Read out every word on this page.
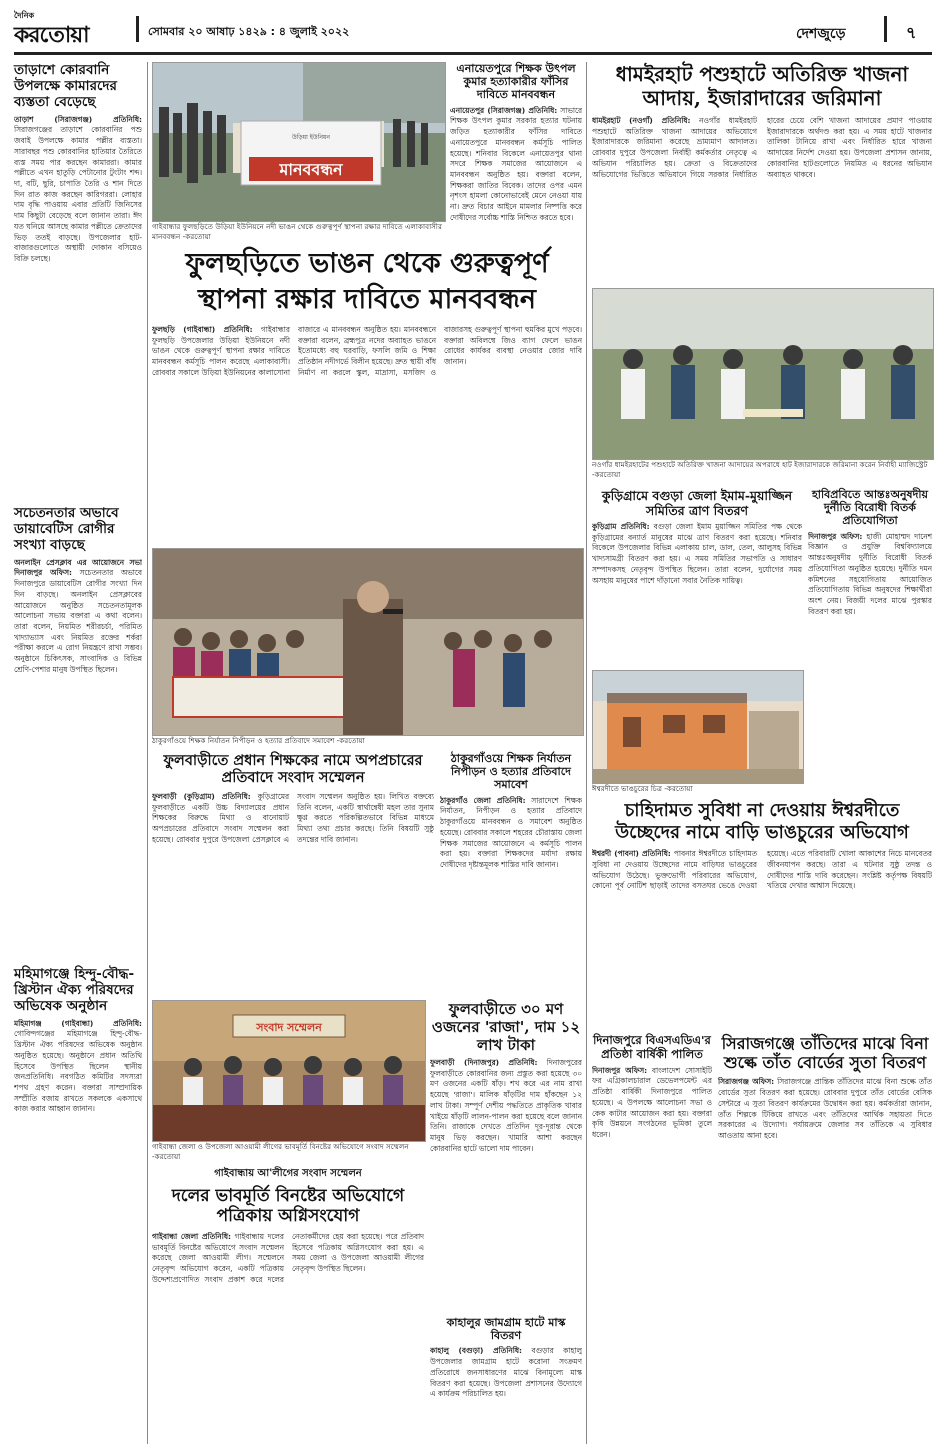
দৈনিক
করতোয়া	সোমবার ২০ আষাঢ় ১৪২৯ : ৪ জুলাই ২০২২	দেশজুড়ে	৭
তাড়াশে কোরবানি উপলক্ষে কামারদের ব্যস্ততা বেড়েছে
তাড়াশ (সিরাজগঞ্জ) প্রতিনিধি: সিরাজগঞ্জের তাড়াশে কোরবানির পশু জবাই উপলক্ষে কামার পল্লীর ব্যস্ততা। সারাবছর পশু কোরবানির হাতিয়ার তৈরিতে ব্যস্ত সময় পার করছেন কামাররা। কামার পল্লীতে এখন হাতুড়ি পেটানোর টুংটাং শব্দ। দা, বটি, ছুরি, চাপাতি তৈরি ও শান দিতে দিন রাত কাজ করছেন কারিগররা। লোহার দাম বৃদ্ধি পাওয়ায় এবার প্রতিটি জিনিসের দাম কিছুটা বেড়েছে বলে জানান তারা। ঈদ যত ঘনিয়ে আসছে কামার পল্লীতে ক্রেতাদের ভিড় ততই বাড়ছে। উপজেলার হাট-বাজারগুলোতে অস্থায়ী দোকান বসিয়েও বিক্রি চলছে।
সচেতনতার অভাবে ডায়াবেটিস রোগীর সংখ্যা বাড়ছে
অনলাইন প্রেসক্লাব এর আয়োজনে সভা দিনাজপুর অফিস: সচেতনতার অভাবে দিনাজপুরে ডায়াবেটিস রোগীর সংখ্যা দিন দিন বাড়ছে। অনলাইন প্রেসক্লাবের আয়োজনে অনুষ্ঠিত সচেতনতামূলক আলোচনা সভায় বক্তারা এ কথা বলেন। তারা বলেন, নিয়মিত শরীরচর্চা, পরিমিত খাদ্যাভ্যাস এবং নিয়মিত রক্তের শর্করা পরীক্ষা করলে এ রোগ নিয়ন্ত্রণে রাখা সম্ভব। অনুষ্ঠানে চিকিৎসক, সাংবাদিক ও বিভিন্ন শ্রেণি-পেশার মানুষ উপস্থিত ছিলেন।
মহিমাগঞ্জে হিন্দু-বৌদ্ধ-খ্রিস্টান ঐক্য পরিষদের অভিষেক অনুষ্ঠান
মহিমাগঞ্জ (গাইবান্ধা) প্রতিনিধি: গোবিন্দগঞ্জের মহিমাগঞ্জে হিন্দু-বৌদ্ধ-খ্রিস্টান ঐক্য পরিষদের অভিষেক অনুষ্ঠান অনুষ্ঠিত হয়েছে। অনুষ্ঠানে প্রধান অতিথি হিসেবে উপস্থিত ছিলেন স্থানীয় জনপ্রতিনিধি। নবগঠিত কমিটির সদস্যরা শপথ গ্রহণ করেন। বক্তারা সাম্প্রদায়িক সম্প্রীতি বজায় রাখতে সকলকে একসাথে কাজ করার আহ্বান জানান।
মানববন্ধন
উড়িয়া ইউনিয়ন
গাইবান্ধার ফুলছড়িতে উড়িয়া ইউনিয়নে নদী ভাঙন থেকে গুরুত্বপূর্ণ স্থাপনা রক্ষার দাবিতে এলাকাবাসীর মানববন্ধন -করতোয়া
ফুলছড়িতে ভাঙন থেকে গুরুত্বপূর্ণ স্থাপনা রক্ষার দাবিতে মানববন্ধন
ফুলছড়ি (গাইবান্ধা) প্রতিনিধি: গাইবান্ধার ফুলছড়ি উপজেলার উড়িয়া ইউনিয়নে নদী ভাঙন থেকে গুরুত্বপূর্ণ স্থাপনা রক্ষার দাবিতে মানববন্ধন কর্মসূচি পালন করেছে এলাকাবাসী। রোববার সকালে উড়িয়া ইউনিয়নের কালাসোনা বাজারে এ মানববন্ধন অনুষ্ঠিত হয়। মানববন্ধনে বক্তারা বলেন, ব্রহ্মপুত্র নদের অব্যাহত ভাঙনে ইতোমধ্যে বহু ঘরবাড়ি, ফসলি জমি ও শিক্ষা প্রতিষ্ঠান নদীগর্ভে বিলীন হয়েছে। দ্রুত স্থায়ী বাঁধ নির্মাণ না করলে স্কুল, মাদ্রাসা, মসজিদ ও বাজারসহ গুরুত্বপূর্ণ স্থাপনা হুমকির মুখে পড়বে। বক্তারা অবিলম্বে জিও ব্যাগ ফেলে ভাঙন রোধের কার্যকর ব্যবস্থা নেওয়ার জোর দাবি জানান।
ঠাকুরগাঁওয়ে শিক্ষক নির্যাতন নিপীড়ন ও হত্যার প্রতিবাদে সমাবেশ -করতোয়া
ফুলবাড়ীতে প্রধান শিক্ষকের নামে অপপ্রচারের প্রতিবাদে সংবাদ সম্মেলন
ফুলবাড়ী (কুড়িগ্রাম) প্রতিনিধি: কুড়িগ্রামের ফুলবাড়ীতে একটি উচ্চ বিদ্যালয়ের প্রধান শিক্ষকের বিরুদ্ধে মিথ্যা ও বানোয়াট অপপ্রচারের প্রতিবাদে সংবাদ সম্মেলন করা হয়েছে। রোববার দুপুরে উপজেলা প্রেসক্লাবে এ সংবাদ সম্মেলন অনুষ্ঠিত হয়। লিখিত বক্তব্যে তিনি বলেন, একটি স্বার্থান্বেষী মহল তার সুনাম ক্ষুণ্ণ করতে পরিকল্পিতভাবে বিভিন্ন মাধ্যমে মিথ্যা তথ্য প্রচার করছে। তিনি বিষয়টি সুষ্ঠু তদন্তের দাবি জানান।
ঠাকুরগাঁওয়ে শিক্ষক নির্যাতন নিপীড়ন ও হত্যার প্রতিবাদে সমাবেশ
ঠাকুরগাঁও জেলা প্রতিনিধি: সারাদেশে শিক্ষক নির্যাতন, নিপীড়ন ও হত্যার প্রতিবাদে ঠাকুরগাঁওয়ে মানববন্ধন ও সমাবেশ অনুষ্ঠিত হয়েছে। রোববার সকালে শহরের চৌরাস্তায় জেলা শিক্ষক সমাজের আয়োজনে এ কর্মসূচি পালন করা হয়। বক্তারা শিক্ষকদের মর্যাদা রক্ষায় দোষীদের দৃষ্টান্তমূলক শাস্তির দাবি জানান।
সংবাদ সম্মেলন
গাইবান্ধা জেলা ও উপজেলা আওয়ামী লীগের ভাবমূর্তি বিনষ্টের অভিযোগে সংবাদ সম্মেলন -করতোয়া
গাইবান্ধায় আ'লীগের সংবাদ সম্মেলন
দলের ভাবমূর্তি বিনষ্টের অভিযোগে পত্রিকায় অগ্নিসংযোগ
গাইবান্ধা জেলা প্রতিনিধি: গাইবান্ধায় দলের ভাবমূর্তি বিনষ্টের অভিযোগে সংবাদ সম্মেলন করেছে জেলা আওয়ামী লীগ। সম্মেলনে নেতৃবৃন্দ অভিযোগ করেন, একটি পত্রিকায় উদ্দেশ্যপ্রণোদিত সংবাদ প্রকাশ করে দলের নেতাকর্মীদের হেয় করা হয়েছে। পরে প্রতিবাদ হিসেবে পত্রিকায় অগ্নিসংযোগ করা হয়। এ সময় জেলা ও উপজেলা আওয়ামী লীগের নেতৃবৃন্দ উপস্থিত ছিলেন।
এনায়েতপুরে শিক্ষক উৎপল কুমার হত্যাকারীর ফাঁসির দাবিতে মানববন্ধন
এনায়েতপুর (সিরাজগঞ্জ) প্রতিনিধি: সাভারে শিক্ষক উৎপল কুমার সরকার হত্যার ঘটনায় জড়িত হত্যাকারীর ফাঁসির দাবিতে এনায়েতপুরে মানববন্ধন কর্মসূচি পালিত হয়েছে। শনিবার বিকেলে এনায়েতপুর থানা সদরে শিক্ষক সমাজের আয়োজনে এ মানববন্ধন অনুষ্ঠিত হয়। বক্তারা বলেন, শিক্ষকরা জাতির বিবেক। তাদের ওপর এমন নৃশংস হামলা কোনোভাবেই মেনে নেওয়া যায় না। দ্রুত বিচার আইনে মামলার নিষ্পত্তি করে দোষীদের সর্বোচ্চ শাস্তি নিশ্চিত করতে হবে।
ফুলবাড়ীতে ৩০ মণ ওজনের 'রাজা', দাম ১২ লাখ টাকা
ফুলবাড়ী (দিনাজপুর) প্রতিনিধি: দিনাজপুরের ফুলবাড়ীতে কোরবানির জন্য প্রস্তুত করা হয়েছে ৩০ মণ ওজনের একটি ষাঁড়। শখ করে এর নাম রাখা হয়েছে 'রাজা'। মালিক ষাঁড়টির দাম হাঁকছেন ১২ লাখ টাকা। সম্পূর্ণ দেশীয় পদ্ধতিতে প্রাকৃতিক খাবার খাইয়ে ষাঁড়টি লালন-পালন করা হয়েছে বলে জানান তিনি। রাজাকে দেখতে প্রতিদিন দূর-দূরান্ত থেকে মানুষ ভিড় করছেন। খামারি আশা করছেন কোরবানির হাটে ভালো দাম পাবেন।
কাহালুর জামগ্রাম হাটে মাস্ক বিতরণ
কাহালু (বগুড়া) প্রতিনিধি: বগুড়ার কাহালু উপজেলার জামগ্রাম হাটে করোনা সংক্রমণ প্রতিরোধে জনসাধারণের মাঝে বিনামূল্যে মাস্ক বিতরণ করা হয়েছে। উপজেলা প্রশাসনের উদ্যোগে এ কার্যক্রম পরিচালিত হয়।
ধামইরহাট পশুহাটে অতিরিক্ত খাজনা আদায়, ইজারাদারের জরিমানা
ধামইরহাট (নওগাঁ) প্রতিনিধি: নওগাঁর ধামইরহাট পশুহাটে অতিরিক্ত খাজনা আদায়ের অভিযোগে ইজারাদারকে জরিমানা করেছে ভ্রাম্যমাণ আদালত। রোববার দুপুরে উপজেলা নির্বাহী কর্মকর্তার নেতৃত্বে এ অভিযান পরিচালিত হয়। ক্রেতা ও বিক্রেতাদের অভিযোগের ভিত্তিতে অভিযানে গিয়ে সরকার নির্ধারিত হারের চেয়ে বেশি খাজনা আদায়ের প্রমাণ পাওয়ায় ইজারাদারকে অর্থদণ্ড করা হয়। এ সময় হাটে খাজনার তালিকা টানিয়ে রাখা এবং নির্ধারিত হারে খাজনা আদায়ের নির্দেশ দেওয়া হয়। উপজেলা প্রশাসন জানায়, কোরবানির হাটগুলোতে নিয়মিত এ ধরনের অভিযান অব্যাহত থাকবে।
নওগাঁর ধামইরহাটের পশুহাটে অতিরিক্ত খাজনা আদায়ের অপরাধে হাট ইজারাদারকে জরিমানা করেন নির্বাহী ম্যাজিস্ট্রেট -করতোয়া
কুড়িগ্রামে বগুড়া জেলা ইমাম-মুয়াজ্জিন সমিতির ত্রাণ বিতরণ
কুড়িগ্রাম প্রতিনিধি: বগুড়া জেলা ইমাম মুয়াজ্জিন সমিতির পক্ষ থেকে কুড়িগ্রামের বন্যার্ত মানুষের মাঝে ত্রাণ বিতরণ করা হয়েছে। শনিবার বিকেলে উপজেলার বিভিন্ন এলাকায় চাল, ডাল, তেল, আলুসহ বিভিন্ন খাদ্যসামগ্রী বিতরণ করা হয়। এ সময় সমিতির সভাপতি ও সাধারণ সম্পাদকসহ নেতৃবৃন্দ উপস্থিত ছিলেন। তারা বলেন, দুর্যোগের সময় অসহায় মানুষের পাশে দাঁড়ানো সবার নৈতিক দায়িত্ব।
হাবিপ্রবিতে আন্তঃঅনুষদীয় দুর্নীতি বিরোধী বিতর্ক প্রতিযোগিতা
দিনাজপুর অফিস: হাজী মোহাম্মদ দানেশ বিজ্ঞান ও প্রযুক্তি বিশ্ববিদ্যালয়ে আন্তঃঅনুষদীয় দুর্নীতি বিরোধী বিতর্ক প্রতিযোগিতা অনুষ্ঠিত হয়েছে। দুর্নীতি দমন কমিশনের সহযোগিতায় আয়োজিত প্রতিযোগিতায় বিভিন্ন অনুষদের শিক্ষার্থীরা অংশ নেয়। বিজয়ী দলের মাঝে পুরস্কার বিতরণ করা হয়।
ঈশ্বরদীতে ভাঙচুরের চিত্র -করতোয়া
চাহিদামত সুবিধা না দেওয়ায় ঈশ্বরদীতে উচ্ছেদের নামে বাড়ি ভাঙচুরের অভিযোগ
ঈশ্বরদী (পাবনা) প্রতিনিধি: পাবনার ঈশ্বরদীতে চাহিদামত সুবিধা না দেওয়ায় উচ্ছেদের নামে বাড়িঘর ভাঙচুরের অভিযোগ উঠেছে। ভুক্তভোগী পরিবারের অভিযোগ, কোনো পূর্ব নোটিশ ছাড়াই তাদের বসতঘর ভেঙে দেওয়া হয়েছে। এতে পরিবারটি খোলা আকাশের নিচে মানবেতর জীবনযাপন করছে। তারা এ ঘটনার সুষ্ঠু তদন্ত ও দোষীদের শাস্তি দাবি করেছেন। সংশ্লিষ্ট কর্তৃপক্ষ বিষয়টি খতিয়ে দেখার আশ্বাস দিয়েছে।
দিনাজপুরে বিএসএডিএ'র প্রতিষ্ঠা বার্ষিকী পালিত
দিনাজপুর অফিস: বাংলাদেশ সোসাইটি ফর এগ্রিকালচারাল ডেভেলপমেন্ট এর প্রতিষ্ঠা বার্ষিকী দিনাজপুরে পালিত হয়েছে। এ উপলক্ষে আলোচনা সভা ও কেক কাটার আয়োজন করা হয়। বক্তারা কৃষি উন্নয়নে সংগঠনের ভূমিকা তুলে ধরেন।
সিরাজগঞ্জে তাঁতিদের মাঝে বিনা শুল্কে তাঁত বোর্ডের সুতা বিতরণ
সিরাজগঞ্জ অফিস: সিরাজগঞ্জে প্রান্তিক তাঁতিদের মাঝে বিনা শুল্কে তাঁত বোর্ডের সুতা বিতরণ করা হয়েছে। রোববার দুপুরে তাঁত বোর্ডের বেসিক সেন্টারে এ সুতা বিতরণ কার্যক্রমের উদ্বোধন করা হয়। কর্মকর্তারা জানান, তাঁত শিল্পকে টিকিয়ে রাখতে এবং তাঁতিদের আর্থিক সহায়তা দিতে সরকারের এ উদ্যোগ। পর্যায়ক্রমে জেলার সব তাঁতিকে এ সুবিধার আওতায় আনা হবে।
